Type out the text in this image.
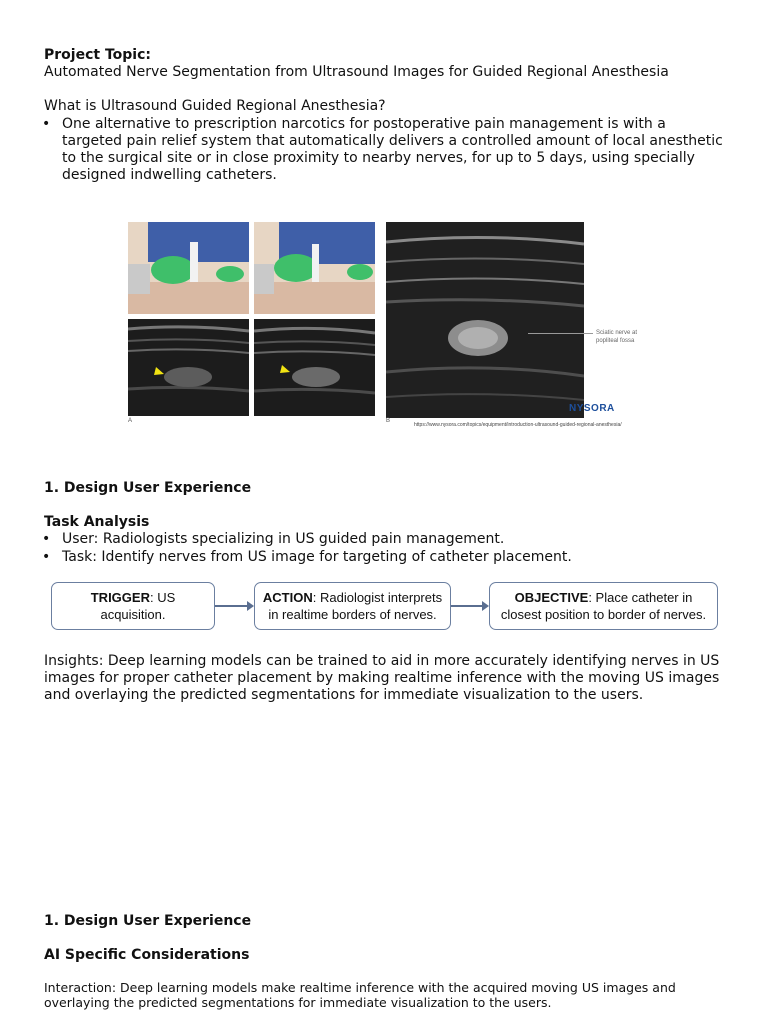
Project Topic:
Automated Nerve Segmentation from Ultrasound Images for Guided Regional Anesthesia
What is Ultrasound Guided Regional Anesthesia?
• One alternative to prescription narcotics for postoperative pain management is with a targeted pain relief system that automatically delivers a controlled amount of local anesthetic to the surgical site or in close proximity to nearby nerves, for up to 5 days, using specially designed indwelling catheters.
A
Sciatic nerve at popliteal fossa
NYSORA
B
https://www.nysora.com/topics/equipment/introduction-ultrasound-guided-regional-anesthesia/
1. Design User Experience
Task Analysis
• User: Radiologists specializing in US guided pain management.
• Task: Identify nerves from US image for targeting of catheter placement.
TRIGGER: US acquisition.
ACTION: Radiologist interprets in realtime borders of nerves.
OBJECTIVE: Place catheter in closest position to border of nerves.
Insights: Deep learning models can be trained to aid in more accurately identifying nerves in US images for proper catheter placement by making realtime inference with the moving US images and overlaying the predicted segmentations for immediate visualization to the users.
1. Design User Experience
AI Specific Considerations
Interaction: Deep learning models make realtime inference with the acquired moving US images and overlaying the predicted segmentations for immediate visualization to the users.
